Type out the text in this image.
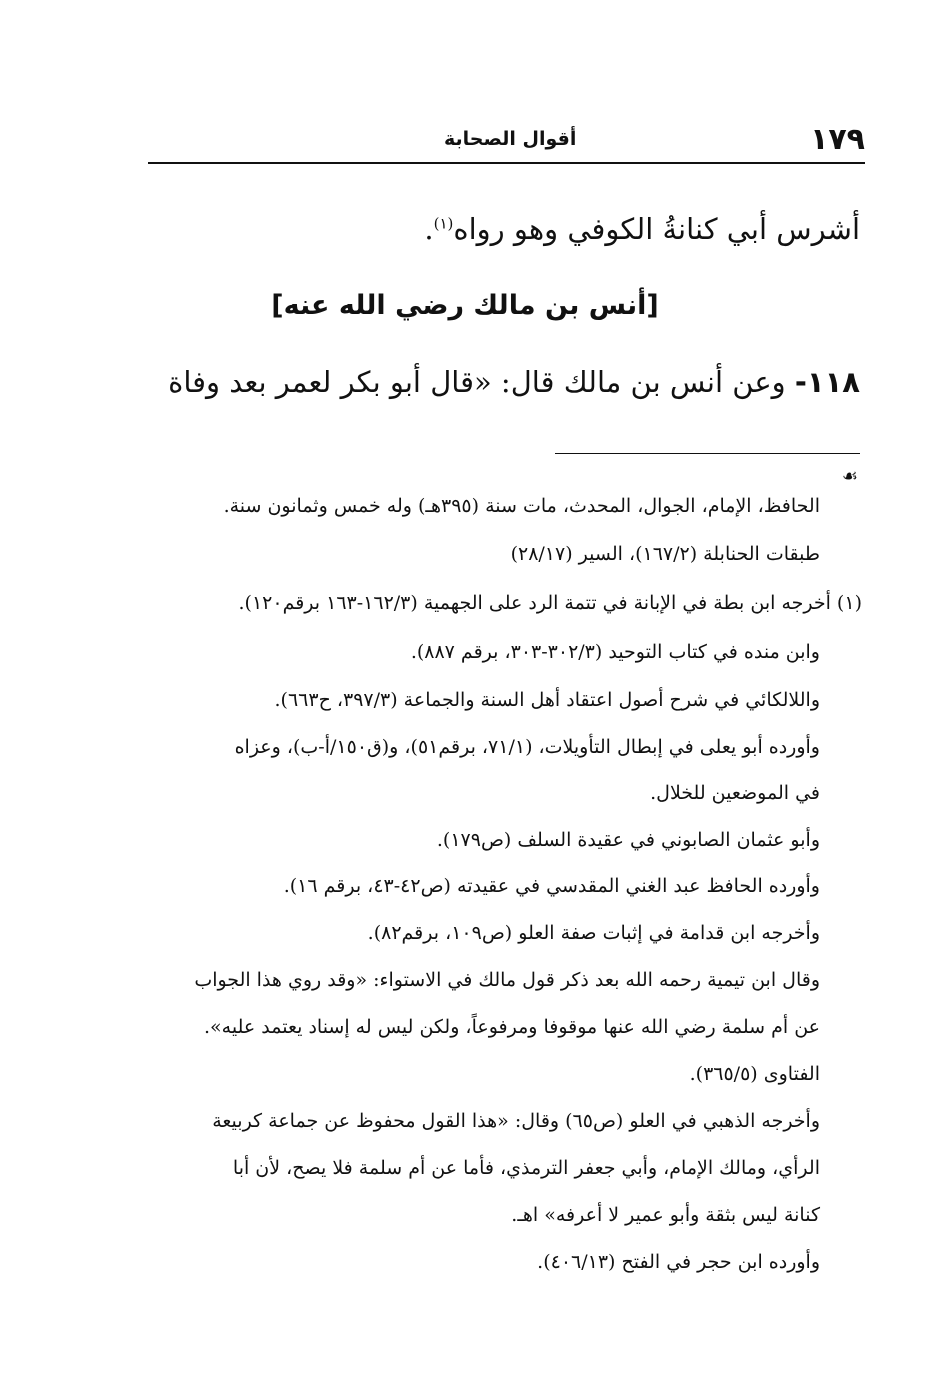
١٧٩
أقوال الصحابة
أشرس أبي كنانةُ الكوفي وهو رواه$^{(١)}$.
[أنس بن مالك رضي الله عنه]
١١٨- وعن أنس بن مالك قال: «قال أبو بكر لعمر بعد وفاة
☙
الحافظ، الإمام، الجوال، المحدث، مات سنة (٣٩٥هـ) وله خمس وثمانون سنة.
طبقات الحنابلة (١٦٧/٢)، السير (٢٨/١٧)
(١) أخرجه ابن بطة في الإبانة في تتمة الرد على الجهمية (١٦٢/٣-١٦٣ برقم١٢٠).
وابن منده في كتاب التوحيد (٣٠٢/٣-٣٠٣، برقم ٨٨٧).
واللالكائي في شرح أصول اعتقاد أهل السنة والجماعة (٣٩٧/٣، ح٦٦٣).
وأورده أبو يعلى في إبطال التأويلات، (٧١/١، برقم٥١)، و(ق١٥٠/أ-ب)، وعزاه
في الموضعين للخلال.
وأبو عثمان الصابوني في عقيدة السلف (ص١٧٩).
وأورده الحافظ عبد الغني المقدسي في عقيدته (ص٤٢-٤٣، برقم ١٦).
وأخرجه ابن قدامة في إثبات صفة العلو (ص١٠٩، برقم٨٢).
وقال ابن تيمية رحمه الله بعد ذكر قول مالك في الاستواء: «وقد روي هذا الجواب
عن أم سلمة رضي الله عنها موقوفا ومرفوعاً، ولكن ليس له إسناد يعتمد عليه».
الفتاوى (٣٦٥/٥).
وأخرجه الذهبي في العلو (ص٦٥) وقال: «هذا القول محفوظ عن جماعة كربيعة
الرأي، ومالك الإمام، وأبي جعفر الترمذي، فأما عن أم سلمة فلا يصح، لأن أبا
كنانة ليس بثقة وأبو عمير لا أعرفه» اهـ.
وأورده ابن حجر في الفتح (٤٠٦/١٣).
